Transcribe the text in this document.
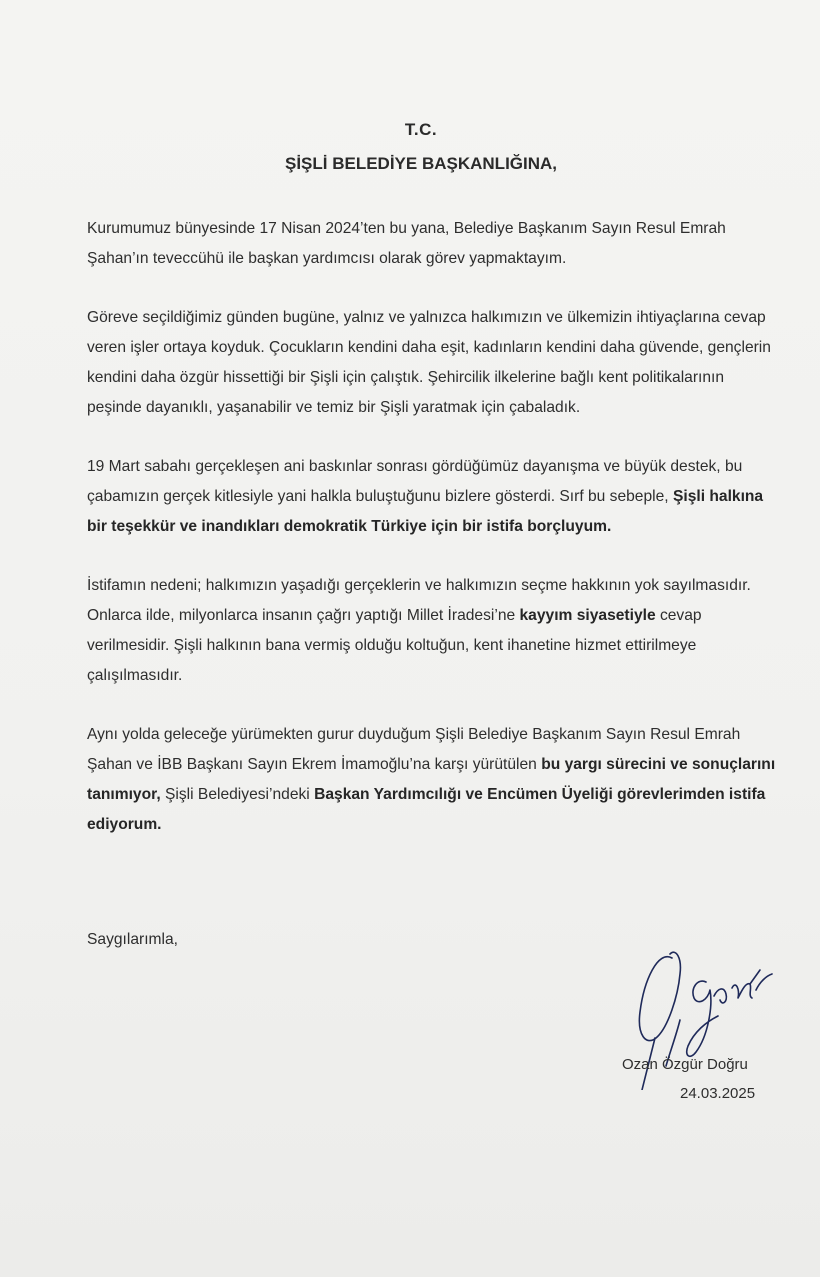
T.C.
ŞİŞLİ BELEDİYE BAŞKANLIĞINA,

Kurumumuz bünyesinde 17 Nisan 2024’ten bu yana, Belediye Başkanım Sayın Resul Emrah Şahan’ın teveccühü ile başkan yardımcısı olarak görev yapmaktayım.

Göreve seçildiğimiz günden bugüne, yalnız ve yalnızca halkımızın ve ülkemizin ihtiyaçlarına cevap veren işler ortaya koyduk. Çocukların kendini daha eşit, kadınların kendini daha güvende, gençlerin kendini daha özgür hissettiği bir Şişli için çalıştık. Şehircilik ilkelerine bağlı kent politikalarının peşinde dayanıklı, yaşanabilir ve temiz bir Şişli yaratmak için çabaladık.

19 Mart sabahı gerçekleşen ani baskınlar sonrası gördüğümüz dayanışma ve büyük destek, bu çabamızın gerçek kitlesiyle yani halkla buluştuğunu bizlere gösterdi. Sırf bu sebeple, Şişli halkına bir teşekkür ve inandıkları demokratik Türkiye için bir istifa borçluyum.

İstifamın nedeni; halkımızın yaşadığı gerçeklerin ve halkımızın seçme hakkının yok sayılmasıdır. Onlarca ilde, milyonlarca insanın çağrı yaptığı Millet İradesi’ne kayyım siyasetiyle cevap verilmesidir. Şişli halkının bana vermiş olduğu koltuğun, kent ihanetine hizmet ettirilmeye çalışılmasıdır.

Aynı yolda geleceğe yürümekten gurur duyduğum Şişli Belediye Başkanım Sayın Resul Emrah Şahan ve İBB Başkanı Sayın Ekrem İmamoğlu’na karşı yürütülen bu yargı sürecini ve sonuçlarını tanımıyor, Şişli Belediyesi’ndeki Başkan Yardımcılığı ve Encümen Üyeliği görevlerimden istifa ediyorum.

Saygılarımla,
Ozan Özgür Doğru
24.03.2025
